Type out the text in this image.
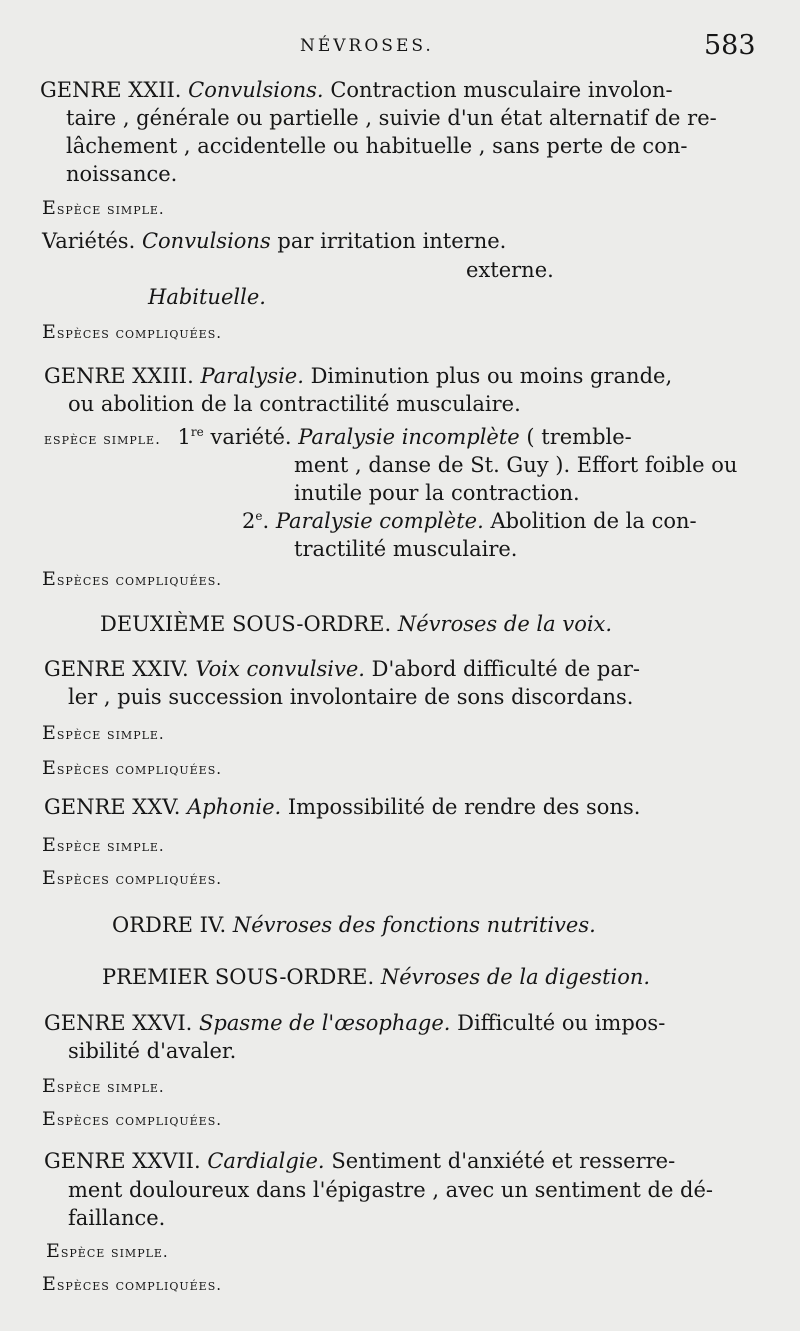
NÉVROSES.	583
GENRE XXII. Convulsions. Contraction musculaire involon-
taire , générale ou partielle , suivie d'un état alternatif de re-
lâchement , accidentelle ou habituelle , sans perte de con-
noissance.
Espèce simple.
Variétés. Convulsions par irritation interne.
externe.
Habituelle.
Espèces compliquées.
GENRE XXIII. Paralysie. Diminution plus ou moins grande,
ou abolition de la contractilité musculaire.
espèce simple. 1re variété. Paralysie incomplète ( tremble-
ment , danse de St. Guy ). Effort foible ou
inutile pour la contraction.
2e. Paralysie complète. Abolition de la con-
tractilité musculaire.
Espèces compliquées.
DEUXIÈME SOUS-ORDRE. Névroses de la voix.
GENRE XXIV. Voix convulsive. D'abord difficulté de par-
ler , puis succession involontaire de sons discordans.
Espèce simple.
Espèces compliquées.
GENRE XXV. Aphonie. Impossibilité de rendre des sons.
Espèce simple.
Espèces compliquées.
ORDRE IV. Névroses des fonctions nutritives.
PREMIER SOUS-ORDRE. Névroses de la digestion.
GENRE XXVI. Spasme de l'œsophage. Difficulté ou impos-
sibilité d'avaler.
Espèce simple.
Espèces compliquées.
GENRE XXVII. Cardialgie. Sentiment d'anxiété et resserre-
ment douloureux dans l'épigastre , avec un sentiment de dé-
faillance.
Espèce simple.
Espèces compliquées.
